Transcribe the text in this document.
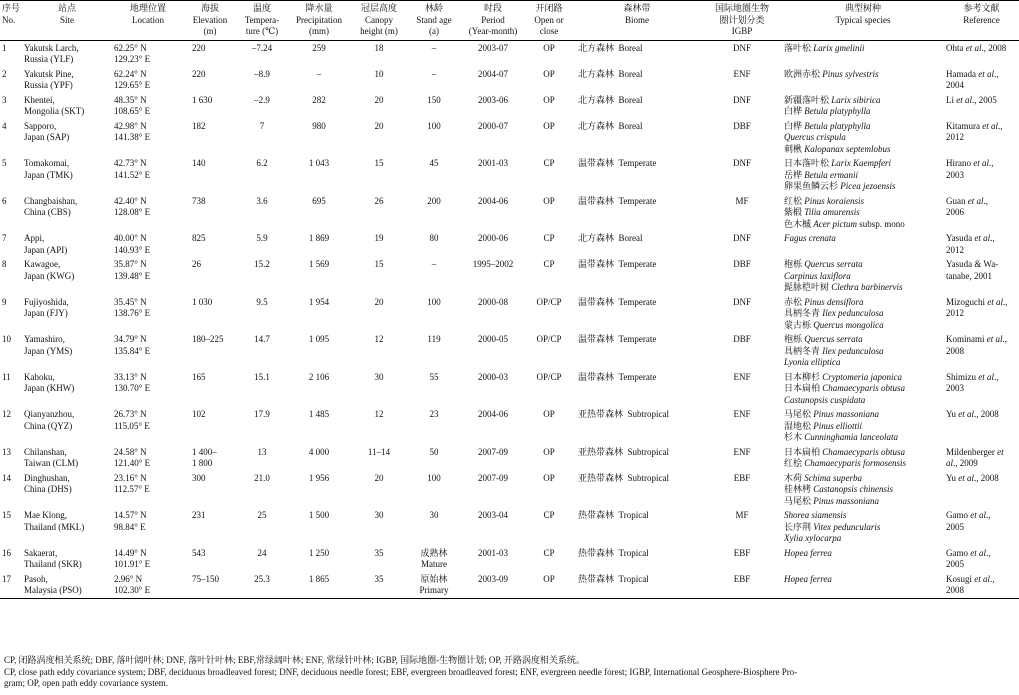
序号
No.	站点
Site	地理位置
Location	海拔
Elevation
(m)	温度
Tempera-
ture (℃)	降水量
Precipitation
(mm)	冠层高度
Canopy
height (m)	林龄
Stand age
(a)	时段
Period
(Year-month)	开闭路
Open or
close	森林带
Biome	国际地圈生物
圈计划分类
IGBP	典型树种
Typical species	参考文献
Reference

1	Yakutsk Larch,
Russia (YLF)	62.25° N
129.23° E	220	–7.24	259	18	–	2003-07	OP	北方森林 Boreal	DNF	落叶松 Larix gmelinii	Ohta et al., 2008

2	Yakutsk Pine,
Russia (YPF)	62.24° N
129.65° E	220	–8.9	–	10	–	2004-07	OP	北方森林 Boreal	ENF	欧洲赤松 Pinus sylvestris	Hamada et al.,
2004

3	Khentei,
Mongolia (SKT)	48.35° N
108.65° E	1 630	–2.9	282	20	150	2003-06	OP	北方森林 Boreal	DNF	新疆落叶松 Larix sibirica
白桦 Betula platyphylla	Li et al., 2005

4	Sapporo,
Japan (SAP)	42.98° N
141.38° E	182	7	980	20	100	2000-07	OP	北方森林 Boreal	DBF	白桦 Betula platyphylla
Quercus crispula
刺楸 Kalopanax septemlobus	Kitamura et al.,
2012

5	Tomakomai,
Japan (TMK)	42.73° N
141.52° E	140	6.2	1 043	15	45	2001-03	CP	温带森林 Temperate	DNF	日本落叶松 Larix Kaempferi
岳桦 Betula ermanii
卵果鱼鳞云杉 Picea jezoensis	Hirano et al.,
2003

6	Changbaishan,
China (CBS)	42.40° N
128.08° E	738	3.6	695	26	200	2004-06	OP	温带森林 Temperate	MF	红松 Pinus koraiensis
紫椴 Tilia amurensis
色木槭 Acer pictum subsp. mono	Guan et al.,
2006

7	Appi,
Japan (API)	40.00° N
140.93° E	825	5.9	1 869	19	80	2000-06	CP	北方森林 Boreal	DNF	Fagus crenata	Yasuda et al.,
2012

8	Kawagoe,
Japan (KWG)	35.87° N
139.48° E	26	15.2	1 569	15	–	1995–2002	CP	温带森林 Temperate	DBF	枹栎 Quercus serrata
Carpinus laxiflora
髭脉桤叶树 Clethra barbinervis	Yasuda & Wa-
tanabe, 2001

9	Fujiyoshida,
Japan (FJY)	35.45° N
138.76° E	1 030	9.5	1 954	20	100	2000-08	OP/CP	温带森林 Temperate	DNF	赤松 Pinus densiflora
具柄冬青 Ilex pedunculosa
蒙古栎 Quercus mongolica	Mizoguchi et al.,
2012

10	Yamashiro,
Japan (YMS)	34.79° N
135.84° E	180–225	14.7	1 095	12	119	2000-05	OP/CP	温带森林 Temperate	DBF	枹栎 Quercus serrata
具柄冬青 Ilex pedunculosa
Lyonia elliptica	Kominami et al.,
2008

11	Kahoku,
Japan (KHW)	33.13° N
130.70° E	165	15.1	2 106	30	55	2000-03	OP/CP	温带森林 Temperate	ENF	日本柳杉 Cryptomeria japonica
日本扁柏 Chamaecyparis obtusa
Castanopsis cuspidata	Shimizu et al.,
2003

12	Qianyanzhou,
China (QYZ)	26.73° N
115.05° E	102	17.9	1 485	12	23	2004-06	OP	亚热带森林 Subtropical	ENF	马尾松 Pinus massoniana
湿地松 Pinus elliottii
杉木 Cunninghamia lanceolata	Yu et al., 2008

13	Chilanshan,
Taiwan (CLM)	24.58° N
121.40° E	1 400–
1 800	13	4 000	11–14	50	2007-09	OP	亚热带森林 Subtropical	ENF	日本扁柏 Chamaecyparis obtusa
红桧 Chamaecyparis formosensis	Mildenberger et
al., 2009

14	Dinghushan,
China (DHS)	23.16° N
112.57° E	300	21.0	1 956	20	100	2007-09	OP	亚热带森林 Subtropical	EBF	木荷 Schima superba
桂林栲 Castanopsis chinensis
马尾松 Pinus massoniana	Yu et al., 2008

15	Mae Klong,
Thailand (MKL)	14.57° N
98.84° E	231	25	1 500	30	30	2003-04	CP	热带森林 Tropical	MF	Shorea siamensis
长序荆 Vitex peduncularis
Xylia xylocarpa	Gamo et al.,
2005

16	Sakaerat,
Thailand (SKR)	14.49° N
101.91° E	543	24	1 250	35	成熟林
Mature	2001-03	CP	热带森林 Tropical	EBF	Hopea ferrea	Gamo et al.,
2005

17	Pasoh,
Malaysia (PSO)	2.96° N
102.30° E	75–150	25.3	1 865	35	原始林
Primary	2003-09	OP	热带森林 Tropical	EBF	Hopea ferrea	Kosugi et al.,
2008
CP, 闭路涡度相关系统; DBF, 落叶阔叶林; DNF, 落叶针叶林; EBF,常绿阔叶林; ENF, 常绿针叶林; IGBP, 国际地圈-生物圈计划; OP, 开路涡度相关系统。
CP, close path eddy covariance system; DBF, deciduous broadleaved forest; DNF, deciduous needle forest; EBF, evergreen broadleaved forest; ENF, evergreen needle forest; IGBP, International Geosphere-Biosphere Pro-
gram; OP, open path eddy covariance system.
